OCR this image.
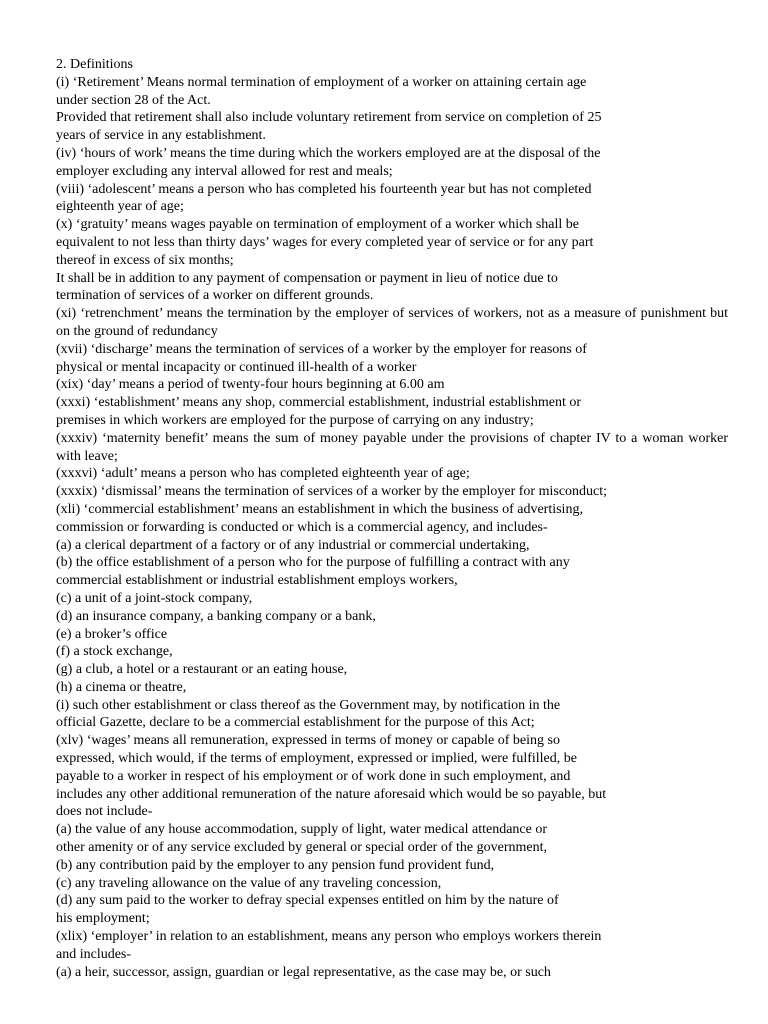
2. Definitions
(i) ‘Retirement’ Means normal termination of employment of a worker on attaining certain age
under section 28 of the Act.
Provided that retirement shall also include voluntary retirement from service on completion of 25
years of service in any establishment.
(iv) ‘hours of work’ means the time during which the workers employed are at the disposal of the
employer excluding any interval allowed for rest and meals;
(viii) ‘adolescent’ means a person who has completed his fourteenth year but has not completed
eighteenth year of age;
(x) ‘gratuity’ means wages payable on termination of employment of a worker which shall be
equivalent to not less than thirty days’ wages for every completed year of service or for any part
thereof in excess of six months;
It shall be in addition to any payment of compensation or payment in lieu of notice due to
termination of services of a worker on different grounds.
(xi) ‘retrenchment’ means the termination by the employer of services of workers, not as a measure of punishment but on the ground of redundancy
(xvii) ‘discharge’ means the termination of services of a worker by the employer for reasons of
physical or mental incapacity or continued ill-health of a worker
(xix) ‘day’ means a period of twenty-four hours beginning at 6.00 am
(xxxi) ‘establishment’ means any shop, commercial establishment, industrial establishment or
premises in which workers are employed for the purpose of carrying on any industry;
(xxxiv) ‘maternity benefit’ means the sum of money payable under the provisions of chapter IV to a woman worker with leave;
(xxxvi) ‘adult’ means a person who has completed eighteenth year of age;
(xxxix) ‘dismissal’ means the termination of services of a worker by the employer for misconduct;
(xli) ‘commercial establishment’ means an establishment in which the business of advertising,
commission or forwarding is conducted or which is a commercial agency, and includes-
(a) a clerical department of a factory or of any industrial or commercial undertaking,
(b) the office establishment of a person who for the purpose of fulfilling a contract with any
commercial establishment or industrial establishment employs workers,
(c) a unit of a joint-stock company,
(d) an insurance company, a banking company or a bank,
(e) a broker’s office
(f) a stock exchange,
(g) a club, a hotel or a restaurant or an eating house,
(h) a cinema or theatre,
(i) such other establishment or class thereof as the Government may, by notification in the
official Gazette, declare to be a commercial establishment for the purpose of this Act;
(xlv) ‘wages’ means all remuneration, expressed in terms of money or capable of being so
expressed, which would, if the terms of employment, expressed or implied, were fulfilled, be
payable to a worker in respect of his employment or of work done in such employment, and
includes any other additional remuneration of the nature aforesaid which would be so payable, but
does not include-
(a) the value of any house accommodation, supply of light, water medical attendance or
other amenity or of any service excluded by general or special order of the government,
(b) any contribution paid by the employer to any pension fund provident fund,
(c) any traveling allowance on the value of any traveling concession,
(d) any sum paid to the worker to defray special expenses entitled on him by the nature of
his employment;
(xlix) ‘employer’ in relation to an establishment, means any person who employs workers therein
and includes-
(a) a heir, successor, assign, guardian or legal representative, as the case may be, or such
